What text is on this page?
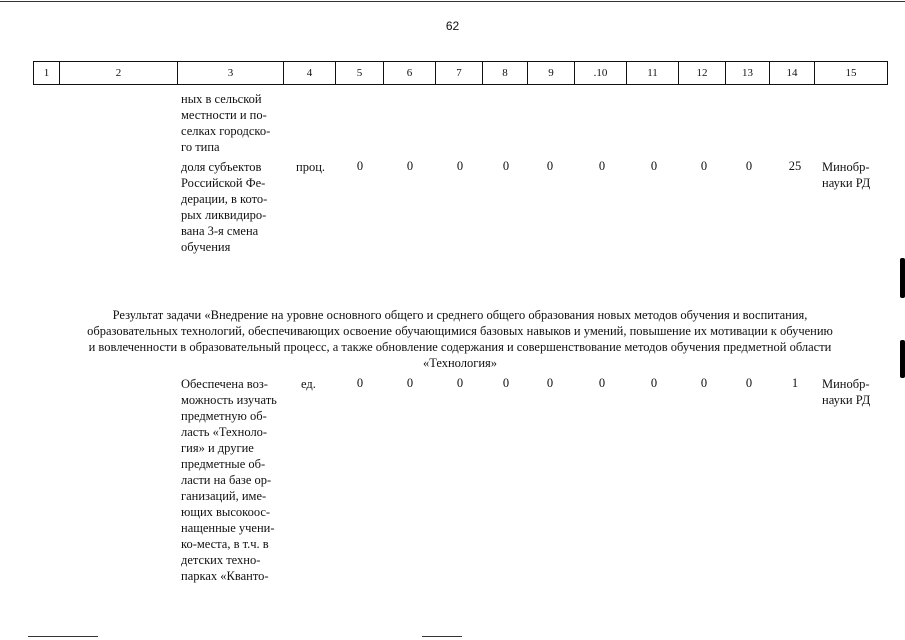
62
1	2	3	4	5	6	7	8	9	.10	11	12	13	14	15
ных в сельской
местности и по-
селках городско-
го типа
доля субъектов
Российской Фе-
дерации, в кото-
рых ликвидиро-
вана 3-я смена
обучения
проц.	0	0	0	0	0	0	0	0	0	25	Минобр-
науки РД
Результат задачи «Внедрение на уровне основного общего и среднего общего образования новых методов обучения и воспитания,
образовательных технологий, обеспечивающих освоение обучающимися базовых навыков и умений, повышение их мотивации к обучению
и вовлеченности в образовательный процесс, а также обновление содержания и совершенствование методов обучения предметной области
«Технология»
Обеспечена воз-
можность изучать
предметную об-
ласть «Техноло-
гия» и другие
предметные об-
ласти на базе ор-
ганизаций, име-
ющих высокоос-
нащенные учени-
ко-места, в т.ч. в
детских техно-
парках «Кванто-
ед.	0	0	0	0	0	0	0	0	0	1	Минобр-
науки РД
